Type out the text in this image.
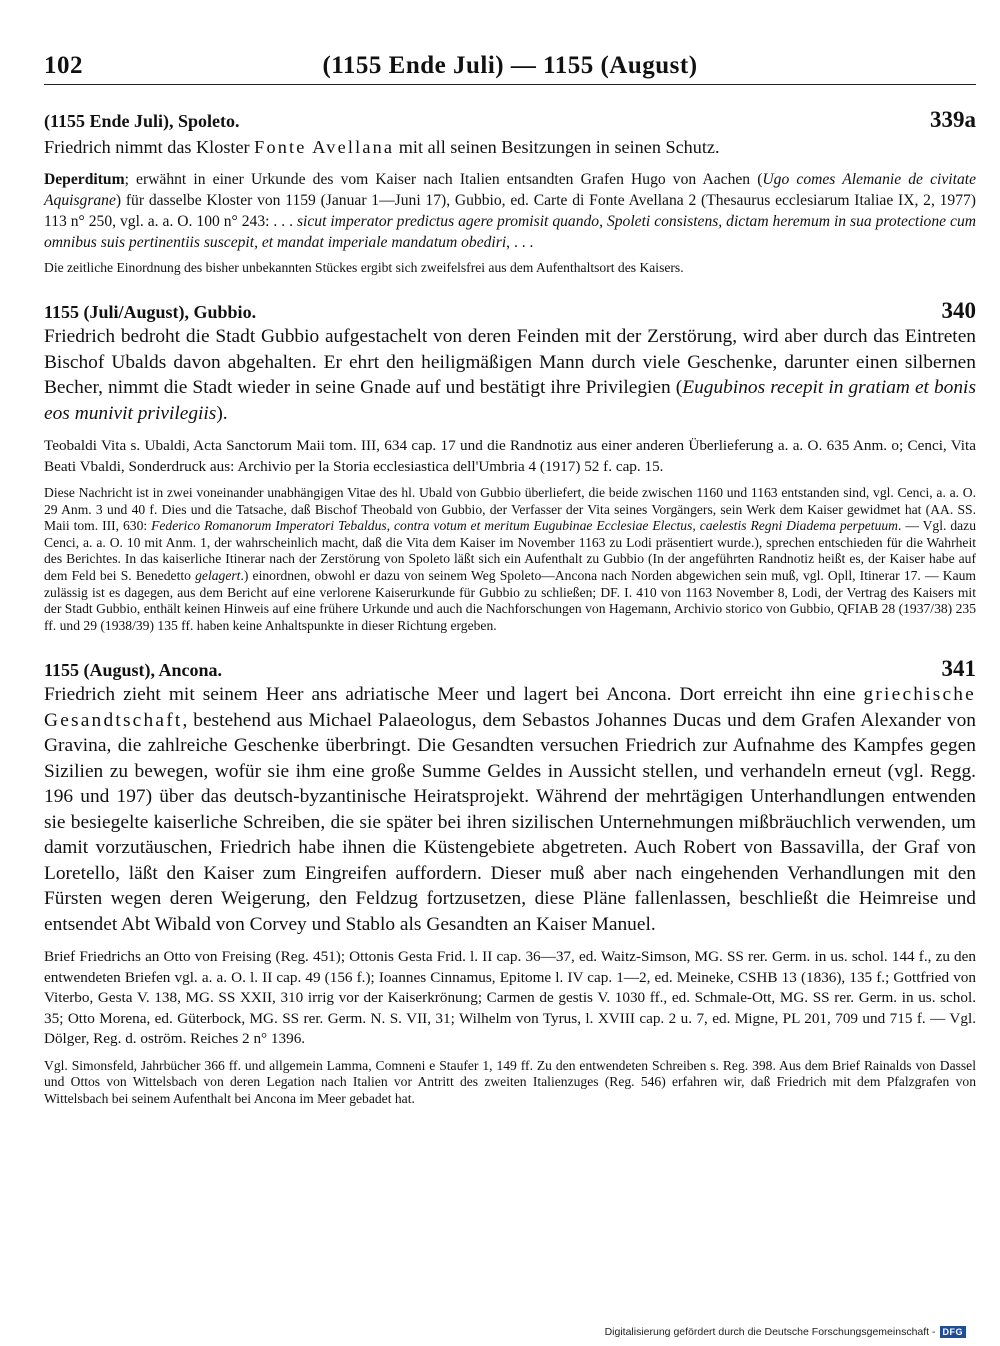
102	(1155 Ende Juli) — 1155 (August)
(1155 Ende Juli), Spoleto.	339a
Friedrich nimmt das Kloster Fonte Avellana mit all seinen Besitzungen in seinen Schutz.
Deperditum; erwähnt in einer Urkunde des vom Kaiser nach Italien entsandten Grafen Hugo von Aachen (Ugo comes Alemanie de civitate Aquisgrane) für dasselbe Kloster von 1159 (Januar 1—Juni 17), Gubbio, ed. Carte di Fonte Avellana 2 (Thesaurus ecclesiarum Italiae IX, 2, 1977) 113 n° 250, vgl. a. a. O. 100 n° 243: . . . sicut imperator predictus agere promisit quando, Spoleti consistens, dictam heremum in sua protectione cum omnibus suis pertinentiis suscepit, et mandat imperiale mandatum obediri, . . .
Die zeitliche Einordnung des bisher unbekannten Stückes ergibt sich zweifelsfrei aus dem Aufenthaltsort des Kaisers.
1155 (Juli/August), Gubbio.	340
Friedrich bedroht die Stadt Gubbio aufgestachelt von deren Feinden mit der Zerstörung, wird aber durch das Eintreten Bischof Ubalds davon abgehalten. Er ehrt den heiligmäßigen Mann durch viele Geschenke, darunter einen silbernen Becher, nimmt die Stadt wieder in seine Gnade auf und bestätigt ihre Privilegien (Eugubinos recepit in gratiam et bonis eos munivit privilegiis).
Teobaldi Vita s. Ubaldi, Acta Sanctorum Maii tom. III, 634 cap. 17 und die Randnotiz aus einer anderen Überlieferung a. a. O. 635 Anm. o; Cenci, Vita Beati Vbaldi, Sonderdruck aus: Archivio per la Storia ecclesiastica dell'Umbria 4 (1917) 52 f. cap. 15.
Diese Nachricht ist in zwei voneinander unabhängigen Vitae des hl. Ubald von Gubbio überliefert, die beide zwischen 1160 und 1163 entstanden sind, vgl. Cenci, a. a. O. 29 Anm. 3 und 40 f. Dies und die Tatsache, daß Bischof Theobald von Gubbio, der Verfasser der Vita seines Vorgängers, sein Werk dem Kaiser gewidmet hat (AA. SS. Maii tom. III, 630: Federico Romanorum Imperatori Tebaldus, contra votum et meritum Eugubinae Ecclesiae Electus, caelestis Regni Diadema perpetuum. — Vgl. dazu Cenci, a. a. O. 10 mit Anm. 1, der wahrscheinlich macht, daß die Vita dem Kaiser im November 1163 zu Lodi präsentiert wurde.), sprechen entschieden für die Wahrheit des Berichtes. In das kaiserliche Itinerar nach der Zerstörung von Spoleto läßt sich ein Aufenthalt zu Gubbio (In der angeführten Randnotiz heißt es, der Kaiser habe auf dem Feld bei S. Benedetto gelagert.) einordnen, obwohl er dazu von seinem Weg Spoleto—Ancona nach Norden abgewichen sein muß, vgl. Opll, Itinerar 17. — Kaum zulässig ist es dagegen, aus dem Bericht auf eine verlorene Kaiserurkunde für Gubbio zu schließen; DF. I. 410 von 1163 November 8, Lodi, der Vertrag des Kaisers mit der Stadt Gubbio, enthält keinen Hinweis auf eine frühere Urkunde und auch die Nachforschungen von Hagemann, Archivio storico von Gubbio, QFIAB 28 (1937/38) 235 ff. und 29 (1938/39) 135 ff. haben keine Anhaltspunkte in dieser Richtung ergeben.
1155 (August), Ancona.	341
Friedrich zieht mit seinem Heer ans adriatische Meer und lagert bei Ancona. Dort erreicht ihn eine griechische Gesandtschaft, bestehend aus Michael Palaeologus, dem Sebastos Johannes Ducas und dem Grafen Alexander von Gravina, die zahlreiche Geschenke überbringt. Die Gesandten versuchen Friedrich zur Aufnahme des Kampfes gegen Sizilien zu bewegen, wofür sie ihm eine große Summe Geldes in Aussicht stellen, und verhandeln erneut (vgl. Regg. 196 und 197) über das deutsch-byzantinische Heiratsprojekt. Während der mehrtägigen Unterhandlungen entwenden sie besiegelte kaiserliche Schreiben, die sie später bei ihren sizilischen Unternehmungen mißbräuchlich verwenden, um damit vorzutäuschen, Friedrich habe ihnen die Küstengebiete abgetreten. Auch Robert von Bassavilla, der Graf von Loretello, läßt den Kaiser zum Eingreifen auffordern. Dieser muß aber nach eingehenden Verhandlungen mit den Fürsten wegen deren Weigerung, den Feldzug fortzusetzen, diese Pläne fallenlassen, beschließt die Heimreise und entsendet Abt Wibald von Corvey und Stablo als Gesandten an Kaiser Manuel.
Brief Friedrichs an Otto von Freising (Reg. 451); Ottonis Gesta Frid. l. II cap. 36—37, ed. Waitz-Simson, MG. SS rer. Germ. in us. schol. 144 f., zu den entwendeten Briefen vgl. a. a. O. l. II cap. 49 (156 f.); Ioannes Cinnamus, Epitome l. IV cap. 1—2, ed. Meineke, CSHB 13 (1836), 135 f.; Gottfried von Viterbo, Gesta V. 138, MG. SS XXII, 310 irrig vor der Kaiserkrönung; Carmen de gestis V. 1030 ff., ed. Schmale-Ott, MG. SS rer. Germ. in us. schol. 35; Otto Morena, ed. Güterbock, MG. SS rer. Germ. N. S. VII, 31; Wilhelm von Tyrus, l. XVIII cap. 2 u. 7, ed. Migne, PL 201, 709 und 715 f. — Vgl. Dölger, Reg. d. oström. Reiches 2 n° 1396.
Vgl. Simonsfeld, Jahrbücher 366 ff. und allgemein Lamma, Comneni e Staufer 1, 149 ff. Zu den entwendeten Schreiben s. Reg. 398. Aus dem Brief Rainalds von Dassel und Ottos von Wittelsbach von deren Legation nach Italien vor Antritt des zweiten Italienzuges (Reg. 546) erfahren wir, daß Friedrich mit dem Pfalzgrafen von Wittelsbach bei seinem Aufenthalt bei Ancona im Meer gebadet hat.
Digitalisierung gefördert durch die Deutsche Forschungsgemeinschaft - DFG
